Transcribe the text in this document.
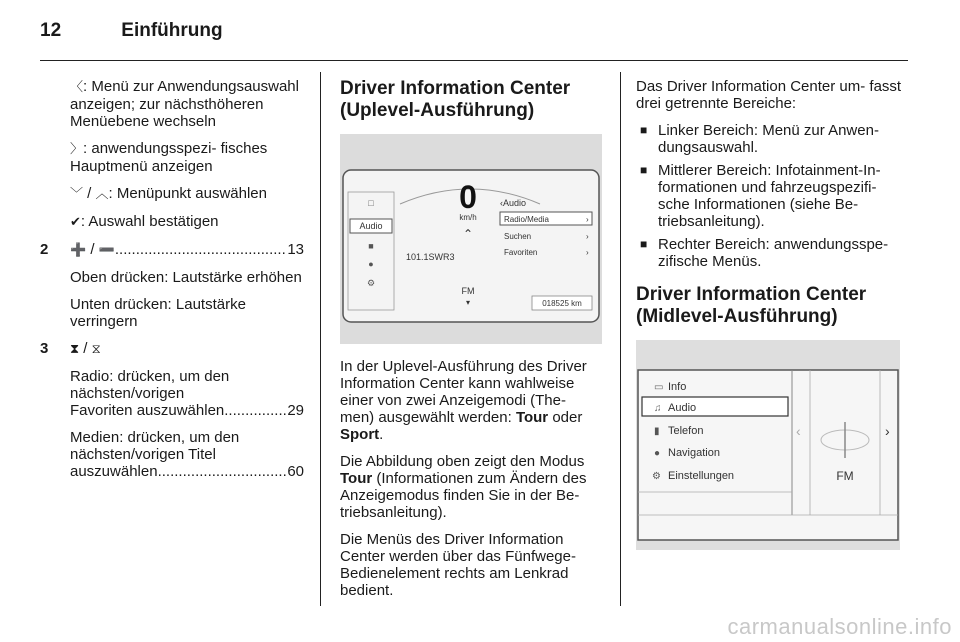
12	Einführung

〈: Menü zur Anwendungsauswahl anzeigen; zur nächsthöheren Menüebene wechseln

〉: anwendungsspezi- fisches Hauptmenü anzeigen

﹀ / ︿: Menüpunkt auswählen

✔: Auswahl bestätigen

2 ➕ / ➖ .....	13

Oben drücken: Lautstärke erhöhen

Unten drücken: Lautstärke verringern

3 ⧗ / ⧖

Radio: drücken, um den nächsten/vorigen

Favoriten auszuwählen .....	29

Medien: drücken, um den nächsten/vorigen Titel

auszuwählen .....	60

Driver Information Center (Uplevel-Ausführung)
□
Audio
■
●
⚙
0
km/h
⌃
101.1SWR3
FM
▾
‹Audio
Radio/Media	›
Suchen	›
Favoriten	›
018525 km

In der Uplevel-Ausführung des Driver Information Center kann wahlweise einer von zwei Anzeigemodi (The- men) ausgewählt werden: Tour oder Sport.

Die Abbildung oben zeigt den Modus Tour (Informationen zum Ändern des Anzeigemodus finden Sie in der Be- triebsanleitung).

Die Menüs des Driver Information Center werden über das Fünfwege- Bedienelement rechts am Lenkrad bedient.

Das Driver Information Center um- fasst drei getrennte Bereiche:

■ Linker Bereich: Menü zur Anwen- dungsauswahl.
■ Mittlerer Bereich: Infotainment-In- formationen und fahrzeugspezifi- sche Informationen (siehe Be- triebsanleitung).
■ Rechter Bereich: anwendungsspe- zifische Menüs.
Driver Information Center (Midlevel-Ausführung)
▭ Info
♫ Audio
▮ Telefon
● Navigation
⚙ Einstellungen
‹	›
FM
carmanualsonline.info
